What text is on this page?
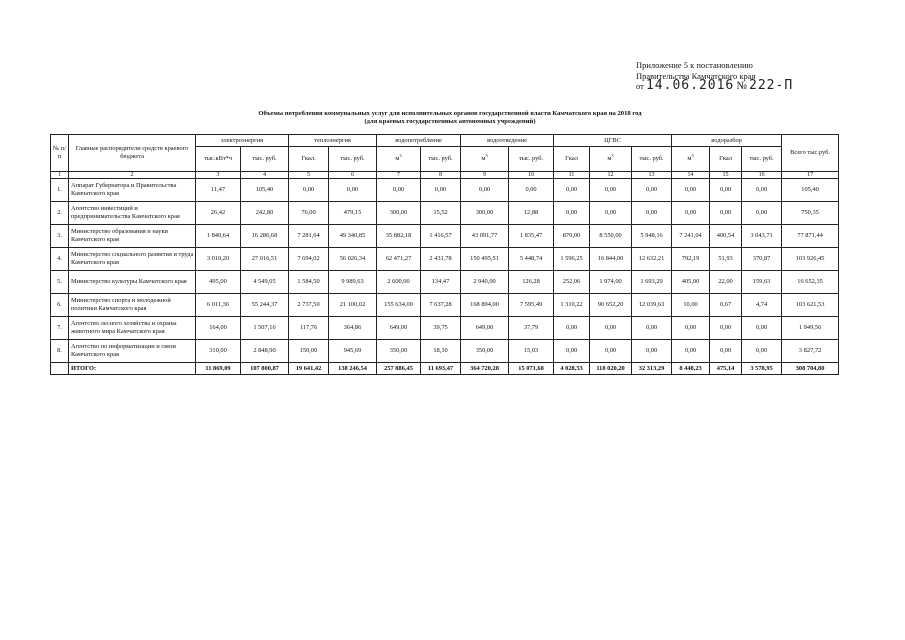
Приложение 5 к постановлению
Правительства Камчатского края
от 14.06.2016 № 222-П
Объемы потребления коммунальных услуг для исполнительных органов государственной власти Камчатского края на 2018 год
(для краевых государственных автономных учреждений)
№ п/п	Главные распорядители средств краевого бюджета	электроэнергия		теплоэнергия		водопотребление		водоотведение		ЦГВС			водоразбор			Всего тыс.руб.
		тыс.кВт*ч	тыс. руб.	Гкал.	тыс. руб.	$м^3$	тыс. руб.	$м^3$	тыс. руб.	Гкал	$м^3$	тыс. руб.	$м^3$	Гкал	тыс. руб.	
1	2	3	4	5	6	7	8	9	10	11	12	13	14	15	16	17
1.	Аппарат Губернатора и Правительства Камчатского края	11,47	105,40	0,00	0,00	0,00	0,00	0,00	0,00	0,00	0,00	0,00	0,00	0,00	0,00	105,40
2.	Агентство инвестиций и предпринимательства Камчатского края	26,42	242,80	76,00	479,15	300,00	15,52	300,00	12,88	0,00	0,00	0,00	0,00	0,00	0,00	750,35
3.	Министерство образования и науки Камчатского края	1 840,64	16 286,68	7 281,64	49 340,85	35 882,18	1 416,57	43 091,77	1 835,47	870,00	8 550,00	5 948,16	7 241,04	400,54	3 043,71	77 871,44
4.	Министерство социального развития и труда Камчатского края	3 010,20	27 016,51	7 694,02	56 026,34	62 471,27	2 431,78	150 495,51	5 448,74	1 596,25	16 844,00	12 632,21	792,19	51,93	370,87	103 926,45
5.	Министерство культуры Камчатского края	495,00	4 549,05	1 584,50	9 989,63	2 600,00	134,47	2 940,00	126,28	252,06	1 974,00	1 693,29	405,00	22,00	159,63	16 652,35
6.	Министерство спорта и молодежной политики Камчатского края	6 011,36	55 244,37	2 737,50	21 100,02	155 634,00	7 637,28	168 894,00	7 595,49	1 310,22	90 652,20	12 039,63	10,00	0,67	4,74	103 621,53
7.	Агентство лесного хозяйства и охраны животного мира Камчатского края	164,00	1 507,16	117,76	364,86	649,00	39,75	649,00	37,79	0,00	0,00	0,00	0,00	0,00	0,00	1 949,56
8.	Агентство по информатизации и связи Камчатского края	310,00	2 848,90	150,00	945,69	350,00	18,10	350,00	15,03	0,00	0,00	0,00	0,00	0,00	0,00	3 827,72
	ИТОГО:	11 869,09	107 800,87	19 641,42	138 246,54	257 886,45	11 693,47	364 720,28	15 071,68	4 028,53	118 020,20	32 313,29	8 448,23	475,14	3 578,95	308 704,80
